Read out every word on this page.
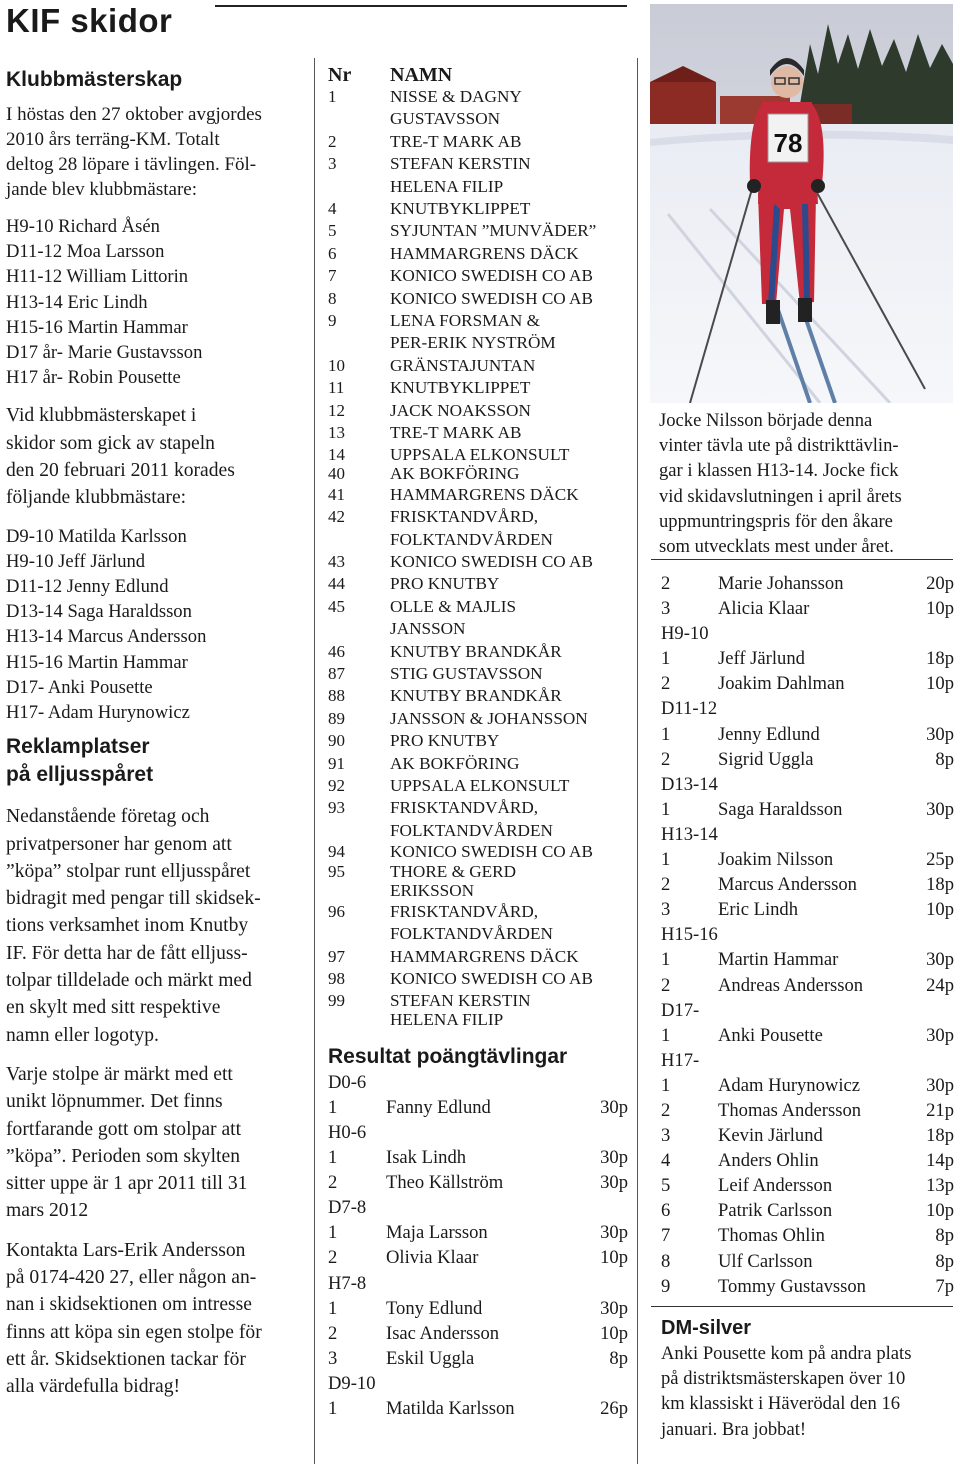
KIF skidor
Klubbmästerskap
I höstas den 27 oktober avgjordes
2010 års terräng-KM. Totalt
deltog 28 löpare i tävlingen. Föl-
jande blev klubbmästare:
H9-10 Richard Åsén
D11-12 Moa Larsson
H11-12 William Littorin
H13-14 Eric Lindh
H15-16 Martin Hammar
D17 år- Marie Gustavsson
H17 år- Robin Pousette
Vid klubbmästerskapet i
skidor som gick av stapeln
den 20 februari 2011 korades
följande klubbmästare:
D9-10 Matilda Karlsson
H9-10 Jeff Järlund
D11-12 Jenny Edlund
D13-14 Saga Haraldsson
H13-14 Marcus Andersson
H15-16 Martin Hammar
D17- Anki Pousette
H17- Adam Hurynowicz
Reklamplatser
på elljusspåret
Nedanstående företag och
privatpersoner har genom att
”köpa” stolpar runt elljusspåret
bidragit med pengar till skidsek-
tions verksamhet inom Knutby
IF. För detta har de fått elljuss-
tolpar tilldelade och märkt med
en skylt med sitt respektive
namn eller logotyp.
Varje stolpe är märkt med ett
unikt löpnummer. Det finns
fortfarande gott om stolpar att
”köpa”. Perioden som skylten
sitter uppe är 1 apr 2011 till 31
mars 2012
Kontakta Lars-Erik Andersson
på 0174-420 27, eller någon an-
nan i skidsektionen om intresse
finns att köpa sin egen stolpe för
ett år. Skidsektionen tackar för
alla värdefulla bidrag!
Nr	NAMN
1	NISSE & DAGNY
GUSTAVSSON
2	TRE-T MARK AB
3	STEFAN KERSTIN
HELENA FILIP
4	KNUTBYKLIPPET
5	SYJUNTAN ”MUNVÄDER”
6	HAMMARGRENS DÄCK
7	KONICO SWEDISH CO AB
8	KONICO SWEDISH CO AB
9	LENA FORSMAN &
PER-ERIK NYSTRÖM
10	GRÄNSTAJUNTAN
11	KNUTBYKLIPPET
12	JACK NOAKSSON
13	TRE-T MARK AB
14	UPPSALA ELKONSULT
40	AK BOKFÖRING
41	HAMMARGRENS DÄCK
42	FRISKTANDVÅRD,
FOLKTANDVÅRDEN
43	KONICO SWEDISH CO AB
44	PRO KNUTBY
45	OLLE & MAJLIS
JANSSON
46	KNUTBY BRANDKÅR
87	STIG GUSTAVSSON
88	KNUTBY BRANDKÅR
89	JANSSON & JOHANSSON
90	PRO KNUTBY
91	AK BOKFÖRING
92	UPPSALA ELKONSULT
93	FRISKTANDVÅRD,
FOLKTANDVÅRDEN
94	KONICO SWEDISH CO AB
95	THORE & GERD
ERIKSSON
96	FRISKTANDVÅRD,
FOLKTANDVÅRDEN
97	HAMMARGRENS DÄCK
98	KONICO SWEDISH CO AB
99	STEFAN KERSTIN
HELENA FILIP
Resultat poängtävlingar
D0-6
1	Fanny Edlund	30p
H0-6
1	Isak Lindh	30p
2	Theo Källström	30p
D7-8
1	Maja Larsson	30p
2	Olivia Klaar	10p
H7-8
1	Tony Edlund	30p
2	Isac Andersson	10p
3	Eskil Uggla	8p
D9-10
1	Matilda Karlsson	26p
78
Jocke Nilsson började denna
vinter tävla ute på distrikttävlin-
gar i klassen H13-14. Jocke fick
vid skidavslutningen i april årets
uppmuntringspris för den åkare
som utvecklats mest under året.
2	Marie Johansson	20p
3	Alicia Klaar	10p
H9-10
1	Jeff Järlund	18p
2	Joakim Dahlman	10p
D11-12
1	Jenny Edlund	30p
2	Sigrid Uggla	8p
D13-14
1	Saga Haraldsson	30p
H13-14
1	Joakim Nilsson	25p
2	Marcus Andersson	18p
3	Eric Lindh	10p
H15-16
1	Martin Hammar	30p
2	Andreas Andersson	24p
D17-
1	Anki Pousette	30p
H17-
1	Adam Hurynowicz	30p
2	Thomas Andersson	21p
3	Kevin Järlund	18p
4	Anders Ohlin	14p
5	Leif Andersson	13p
6	Patrik Carlsson	10p
7	Thomas Ohlin	8p
8	Ulf Carlsson	8p
9	Tommy Gustavsson	7p
DM-silver
Anki Pousette kom på andra plats
på distriktsmästerskapen över 10
km klassiskt i Häverödal den 16
januari. Bra jobbat!
